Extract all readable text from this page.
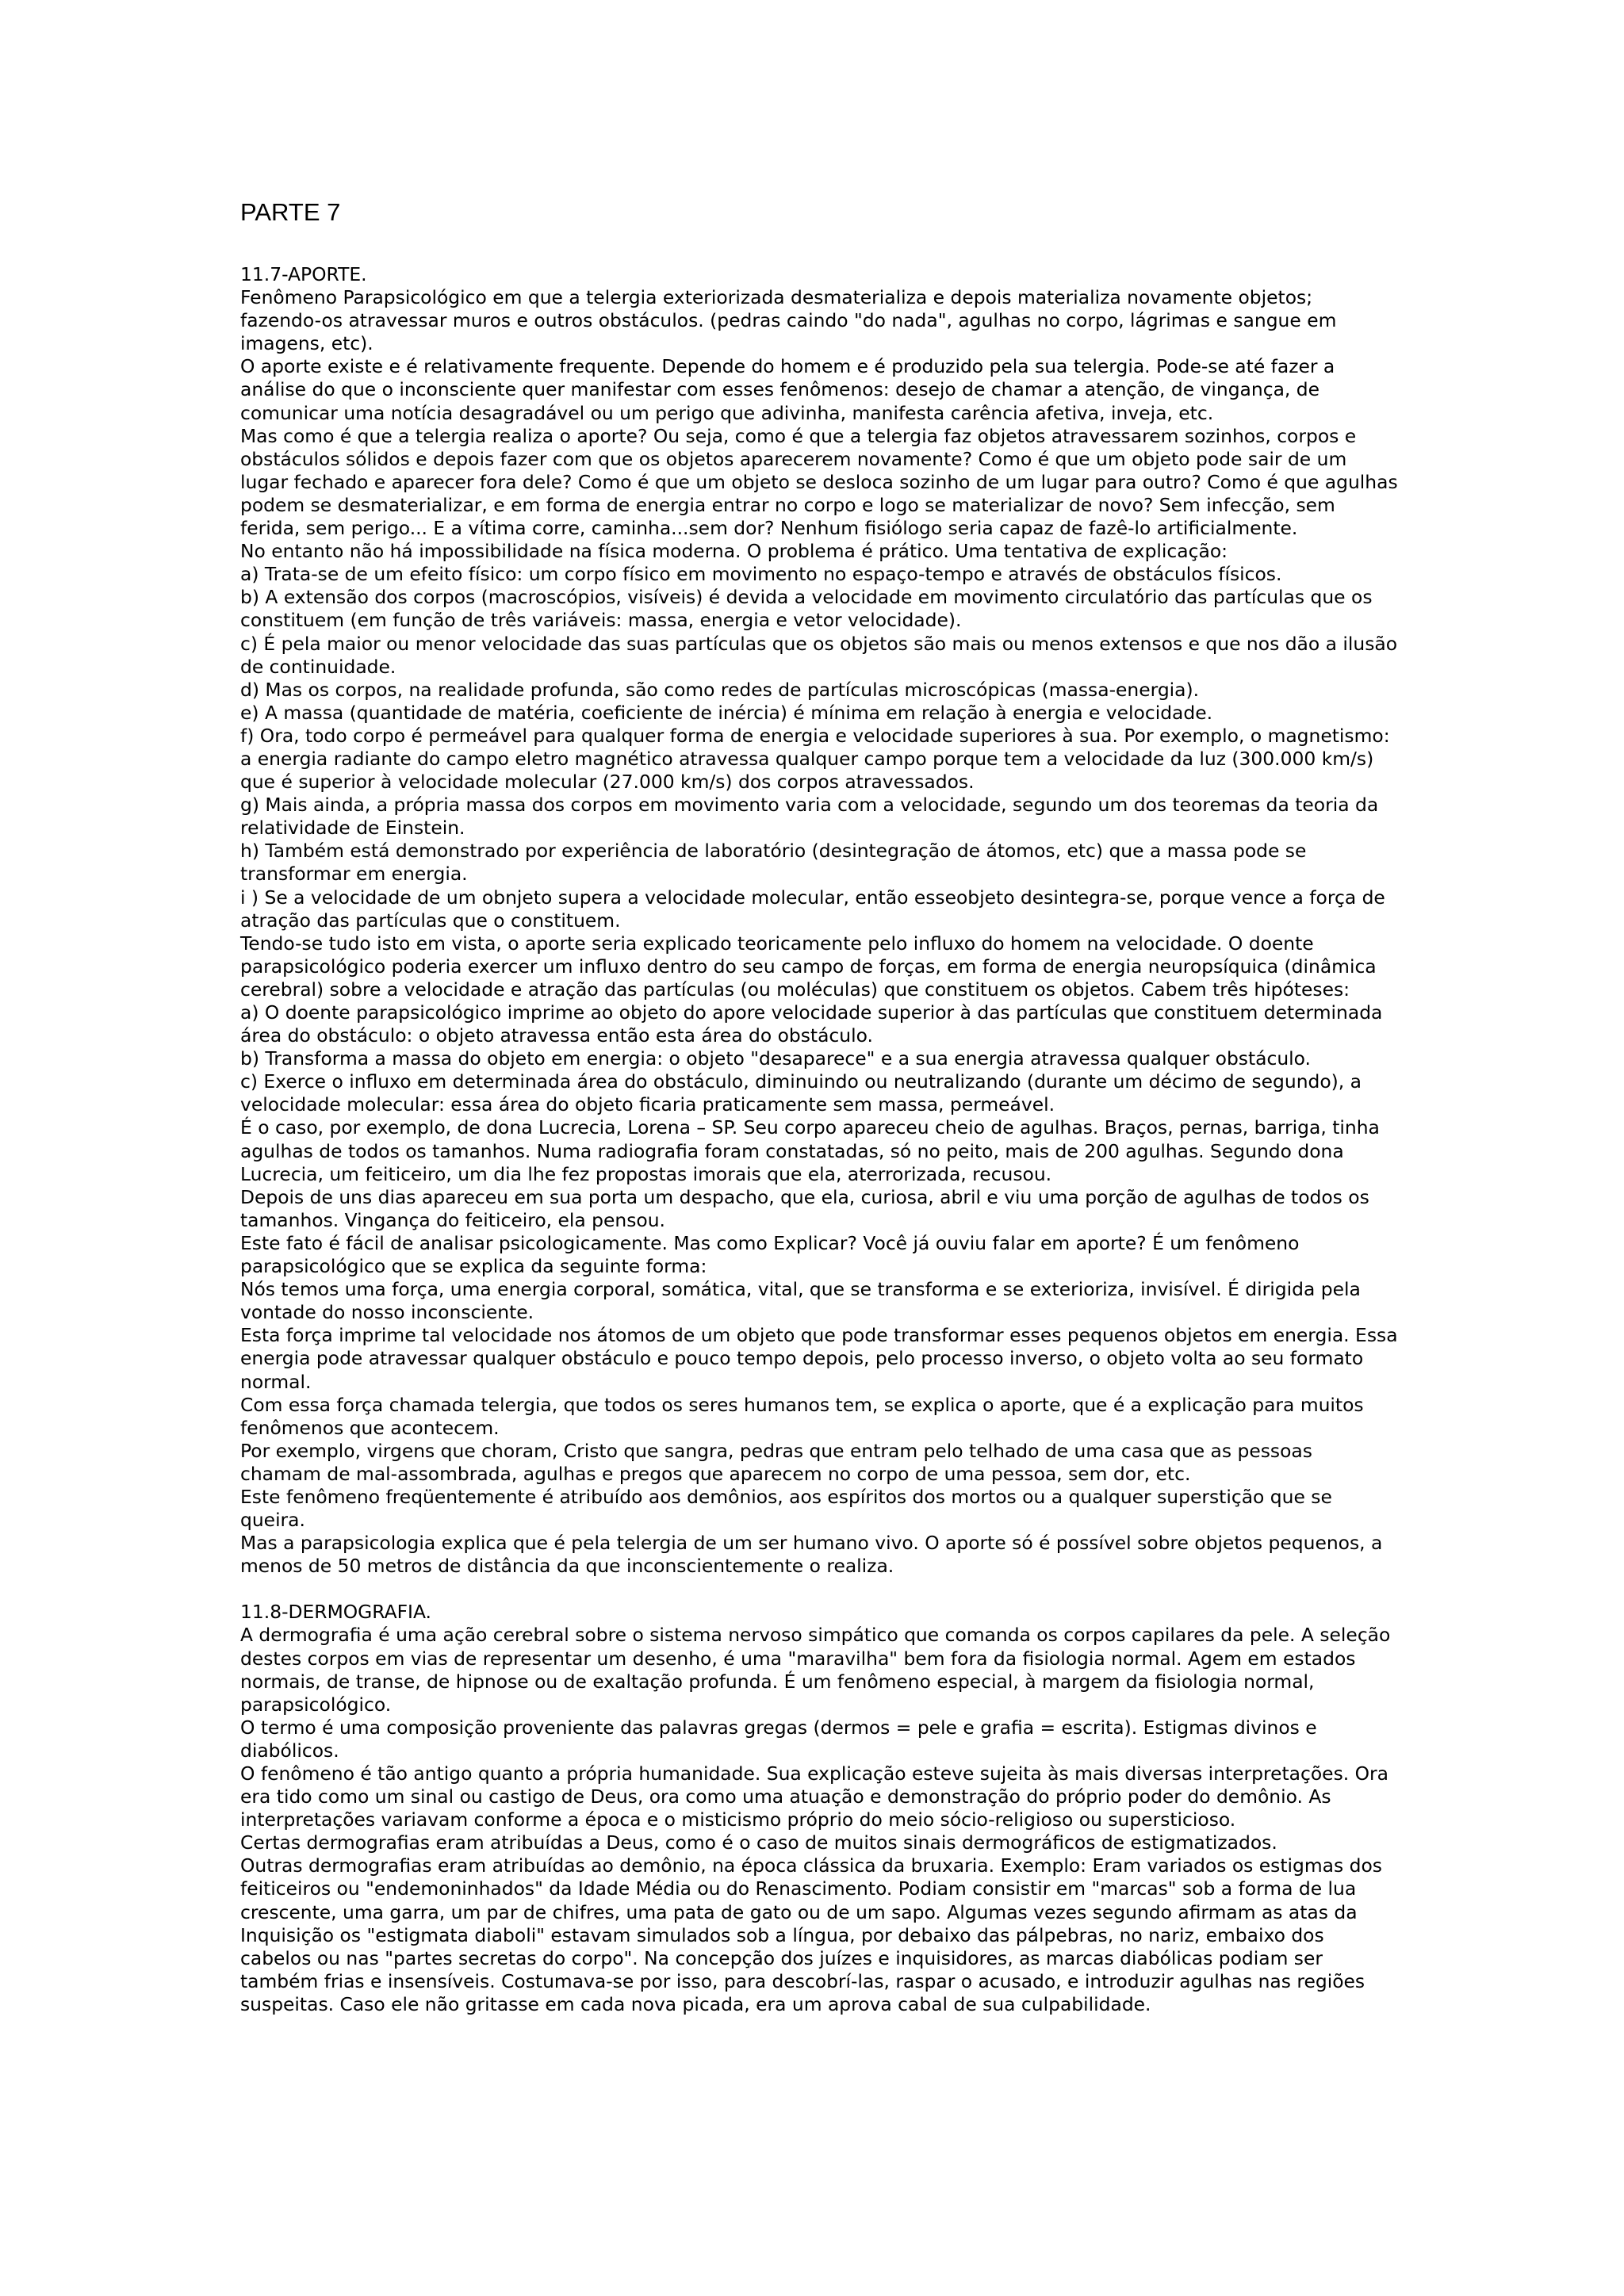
PARTE 7
11.7-APORTE.

Fenômeno Parapsicológico em que a telergia exteriorizada desmaterializa e depois materializa novamente objetos; fazendo-os atravessar muros e outros obstáculos. (pedras caindo "do nada", agulhas no corpo, lágrimas e sangue em imagens, etc).

O aporte existe e é relativamente frequente. Depende do homem e é produzido pela sua telergia. Pode-se até fazer a análise do que o inconsciente quer manifestar com esses fenômenos: desejo de chamar a atenção, de vingança, de comunicar uma notícia desagradável ou um perigo que adivinha, manifesta carência afetiva, inveja, etc.

Mas como é que a telergia realiza o aporte? Ou seja, como é que a telergia faz objetos atravessarem sozinhos, corpos e obstáculos sólidos e depois fazer com que os objetos aparecerem novamente? Como é que um objeto pode sair de um lugar fechado e aparecer fora dele? Como é que um objeto se desloca sozinho de um lugar para outro? Como é que agulhas podem se desmaterializar, e em forma de energia entrar no corpo e logo se materializar de novo? Sem infecção, sem ferida, sem perigo... E a vítima corre, caminha...sem dor? Nenhum fisiólogo seria capaz de fazê-lo artificialmente.

No entanto não há impossibilidade na física moderna. O problema é prático. Uma tentativa de explicação:

a) Trata-se de um efeito físico: um corpo físico em movimento no espaço-tempo e através de obstáculos físicos.

b) A extensão dos corpos (macroscópios, visíveis) é devida a velocidade em movimento circulatório das partículas que os constituem (em função de três variáveis: massa, energia e vetor velocidade).

c) É pela maior ou menor velocidade das suas partículas que os objetos são mais ou menos extensos e que nos dão a ilusão de continuidade.

d) Mas os corpos, na realidade profunda, são como redes de partículas microscópicas (massa-energia).

e) A massa (quantidade de matéria, coeficiente de inércia) é mínima em relação à energia e velocidade.

f) Ora, todo corpo é permeável para qualquer forma de energia e velocidade superiores à sua. Por exemplo, o magnetismo: a energia radiante do campo eletro magnético atravessa qualquer campo porque tem a velocidade da luz (300.000 km/s) que é superior à velocidade molecular (27.000 km/s) dos corpos atravessados.

g) Mais ainda, a própria massa dos corpos em movimento varia com a velocidade, segundo um dos teoremas da teoria da relatividade de Einstein.

h) Também está demonstrado por experiência de laboratório (desintegração de átomos, etc) que a massa pode se transformar em energia.

i ) Se a velocidade de um obnjeto supera a velocidade molecular, então esseobjeto desintegra-se, porque vence a força de atração das partículas que o constituem.

Tendo-se tudo isto em vista, o aporte seria explicado teoricamente pelo influxo do homem na velocidade. O doente parapsicológico poderia exercer um influxo dentro do seu campo de forças, em forma de energia neuropsíquica (dinâmica cerebral) sobre a velocidade e atração das partículas (ou moléculas) que constituem os objetos. Cabem três hipóteses:

a) O doente parapsicológico imprime ao objeto do apore velocidade superior à das partículas que constituem determinada área do obstáculo: o objeto atravessa então esta área do obstáculo.

b) Transforma a massa do objeto em energia: o objeto "desaparece" e a sua energia atravessa qualquer obstáculo.

c) Exerce o influxo em determinada área do obstáculo, diminuindo ou neutralizando (durante um décimo de segundo), a velocidade molecular: essa área do objeto ficaria praticamente sem massa, permeável.

É o caso, por exemplo, de dona Lucrecia, Lorena – SP. Seu corpo apareceu cheio de agulhas. Braços, pernas, barriga, tinha agulhas de todos os tamanhos. Numa radiografia foram constatadas, só no peito, mais de 200 agulhas. Segundo dona Lucrecia, um feiticeiro, um dia lhe fez propostas imorais que ela, aterrorizada, recusou.

Depois de uns dias apareceu em sua porta um despacho, que ela, curiosa, abril e viu uma porção de agulhas de todos os tamanhos. Vingança do feiticeiro, ela pensou.

Este fato é fácil de analisar psicologicamente. Mas como Explicar? Você já ouviu falar em aporte? É um fenômeno parapsicológico que se explica da seguinte forma:

Nós temos uma força, uma energia corporal, somática, vital, que se transforma e se exterioriza, invisível. É dirigida pela vontade do nosso inconsciente.

Esta força imprime tal velocidade nos átomos de um objeto que pode transformar esses pequenos objetos em energia. Essa energia pode atravessar qualquer obstáculo e pouco tempo depois, pelo processo inverso, o objeto volta ao seu formato normal.

Com essa força chamada telergia, que todos os seres humanos tem, se explica o aporte, que é a explicação para muitos fenômenos que acontecem.

Por exemplo, virgens que choram, Cristo que sangra, pedras que entram pelo telhado de uma casa que as pessoas chamam de mal-assombrada, agulhas e pregos que aparecem no corpo de uma pessoa, sem dor, etc.

Este fenômeno freqüentemente é atribuído aos demônios, aos espíritos dos mortos ou a qualquer superstição que se queira.

Mas a parapsicologia explica que é pela telergia de um ser humano vivo. O aporte só é possível sobre objetos pequenos, a menos de 50 metros de distância da que inconscientemente o realiza.

11.8-DERMOGRAFIA.

A dermografia é uma ação cerebral sobre o sistema nervoso simpático que comanda os corpos capilares da pele. A seleção destes corpos em vias de representar um desenho, é uma "maravilha" bem fora da fisiologia normal. Agem em estados normais, de transe, de hipnose ou de exaltação profunda. É um fenômeno especial, à margem da fisiologia normal, parapsicológico.

O termo é uma composição proveniente das palavras gregas (dermos = pele e grafia = escrita). Estigmas divinos e diabólicos.

O fenômeno é tão antigo quanto a própria humanidade. Sua explicação esteve sujeita às mais diversas interpretações. Ora era tido como um sinal ou castigo de Deus, ora como uma atuação e demonstração do próprio poder do demônio. As interpretações variavam conforme a época e o misticismo próprio do meio sócio-religioso ou supersticioso.

Certas dermografias eram atribuídas a Deus, como é o caso de muitos sinais dermográficos de estigmatizados.

Outras dermografias eram atribuídas ao demônio, na época clássica da bruxaria. Exemplo: Eram variados os estigmas dos feiticeiros ou "endemoninhados" da Idade Média ou do Renascimento. Podiam consistir em "marcas" sob a forma de lua crescente, uma garra, um par de chifres, uma pata de gato ou de um sapo. Algumas vezes segundo afirmam as atas da Inquisição os "estigmata diaboli" estavam simulados sob a língua, por debaixo das pálpebras, no nariz, embaixo dos cabelos ou nas "partes secretas do corpo". Na concepção dos juízes e inquisidores, as marcas diabólicas podiam ser também frias e insensíveis. Costumava-se por isso, para descobrí-las, raspar o acusado, e introduzir agulhas nas regiões suspeitas. Caso ele não gritasse em cada nova picada, era um aprova cabal de sua culpabilidade.
